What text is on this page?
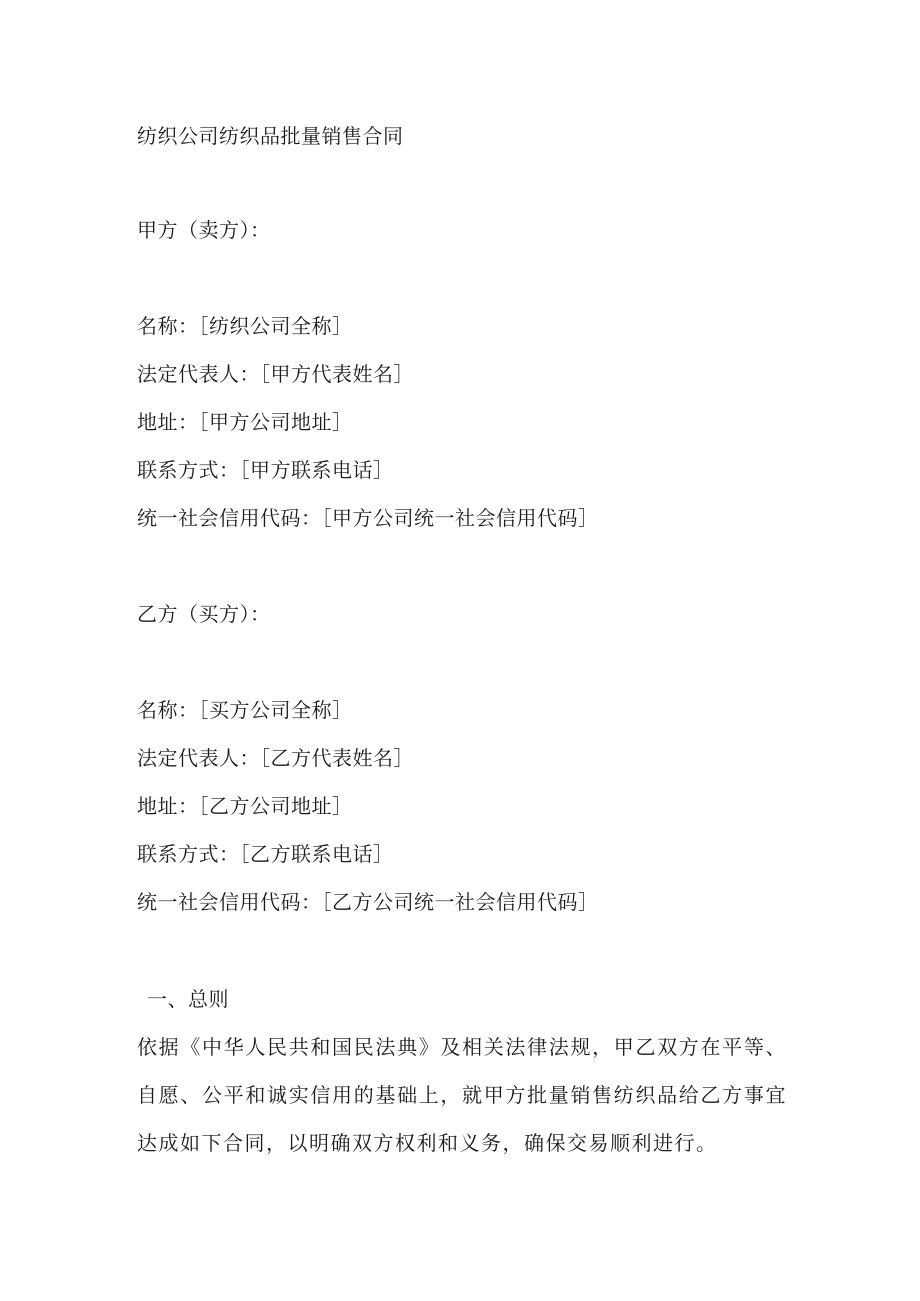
纺织公司纺织品批量销售合同
甲方（卖方）：
名称：［纺织公司全称］
法定代表人：［甲方代表姓名］
地址：［甲方公司地址］
联系方式：［甲方联系电话］
统一社会信用代码：［甲方公司统一社会信用代码］
乙方（买方）：
名称：［买方公司全称］
法定代表人：［乙方代表姓名］
地址：［乙方公司地址］
联系方式：［乙方联系电话］
统一社会信用代码：［乙方公司统一社会信用代码］
一、总则
依据《中华人民共和国民法典》及相关法律法规，甲乙双方在平等、自愿、公平和诚实信用的基础上，就甲方批量销售纺织品给乙方事宜达成如下合同，以明确双方权利和义务，确保交易顺利进行。
